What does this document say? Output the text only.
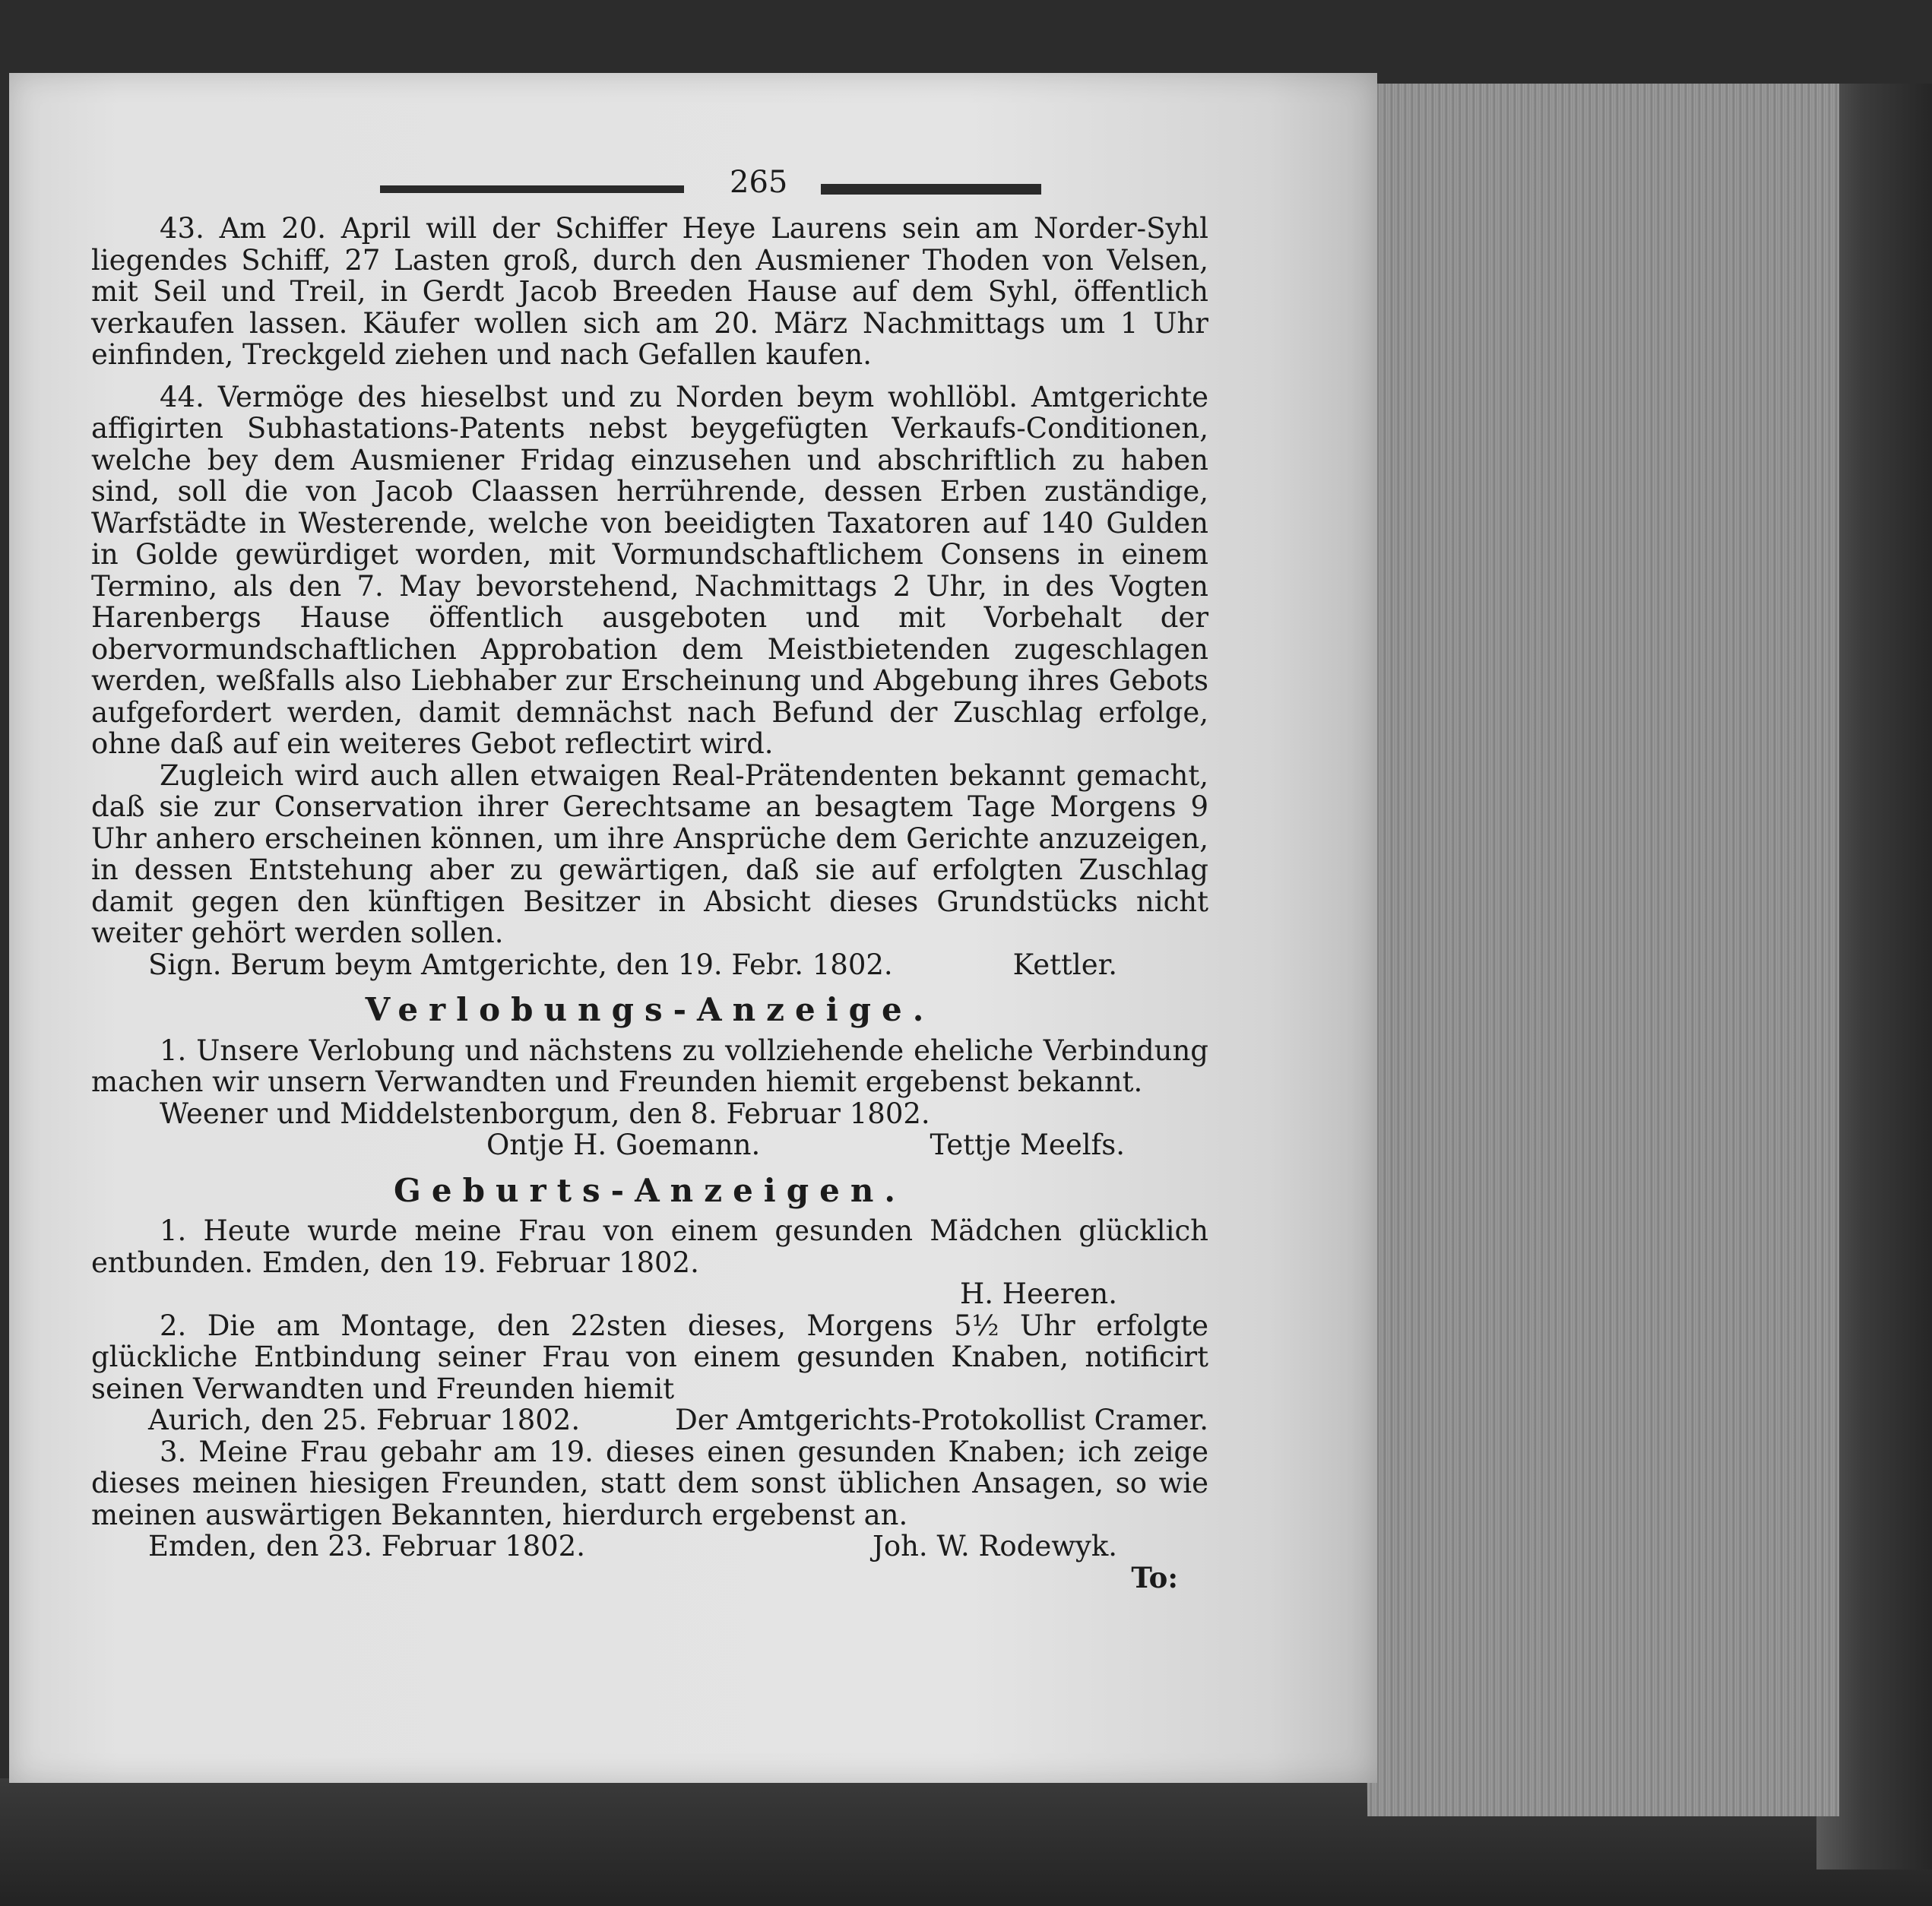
265

43. Am 20. April will der Schiffer Heye Laurens sein am Norder-Syhl liegendes Schiff, 27 Lasten groß, durch den Ausmiener Thoden von Velsen, mit Seil und Treil, in Gerdt Jacob Breeden Hause auf dem Syhl, öffentlich verkaufen lassen. Käufer wollen sich am 20. März Nachmittags um 1 Uhr einfinden, Treckgeld ziehen und nach Gefallen kaufen.

44. Vermöge des hieselbst und zu Norden beym wohllöbl. Amtgerichte affigirten Subhastations-Patents nebst beygefügten Verkaufs-Conditionen, welche bey dem Ausmiener Fridag einzusehen und abschriftlich zu haben sind, soll die von Jacob Claassen herrührende, dessen Erben zuständige, Warfstädte in Westerende, welche von beeidigten Taxatoren auf 140 Gulden in Golde gewürdiget worden, mit Vormundschaftlichem Consens in einem Termino, als den 7. May bevorstehend, Nachmittags 2 Uhr, in des Vogten Harenbergs Hause öffentlich ausgeboten und mit Vorbehalt der obervormundschaftlichen Approbation dem Meistbietenden zugeschlagen werden, weßfalls also Liebhaber zur Erscheinung und Abgebung ihres Gebots aufgefordert werden, damit demnächst nach Befund der Zuschlag erfolge, ohne daß auf ein weiteres Gebot reflectirt wird.

Zugleich wird auch allen etwaigen Real-Prätendenten bekannt gemacht, daß sie zur Conservation ihrer Gerechtsame an besagtem Tage Morgens 9 Uhr anhero erscheinen können, um ihre Ansprüche dem Gerichte anzuzeigen, in dessen Entstehung aber zu gewärtigen, daß sie auf erfolgten Zuschlag damit gegen den künftigen Besitzer in Absicht dieses Grundstücks nicht weiter gehört werden sollen.

Sign. Berum beym Amtgerichte, den 19. Febr. 1802.	Kettler.
Verlobungs-Anzeige.

1. Unsere Verlobung und nächstens zu vollziehende eheliche Verbindung machen wir unsern Verwandten und Freunden hiemit ergebenst bekannt.

Weener und Middelstenborgum, den 8. Februar 1802.

Ontje H. Goemann.	Tettje Meelfs.
Geburts-Anzeigen.

1. Heute wurde meine Frau von einem gesunden Mädchen glücklich entbunden. Emden, den 19. Februar 1802.

H. Heeren.

2. Die am Montage, den 22sten dieses, Morgens 5½ Uhr erfolgte glückliche Entbindung seiner Frau von einem gesunden Knaben, notificirt seinen Verwandten und Freunden hiemit

Aurich, den 25. Februar 1802.	Der Amtgerichts-Protokollist Cramer.

3. Meine Frau gebahr am 19. dieses einen gesunden Knaben; ich zeige dieses meinen hiesigen Freunden, statt dem sonst üblichen Ansagen, so wie meinen auswärtigen Bekannten, hierdurch ergebenst an.

Emden, den 23. Februar 1802.	Joh. W. Rodewyk.
To:
